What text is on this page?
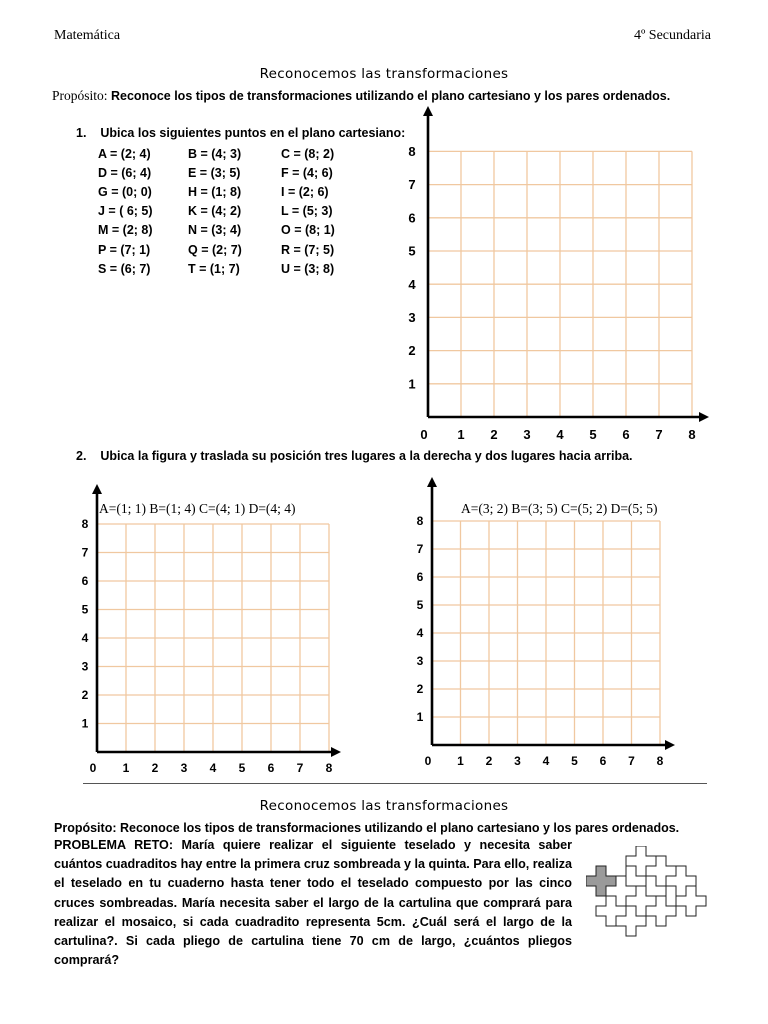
Matemática	4º Secundaria
Reconocemos las transformaciones
Propósito: Reconoce los tipos de transformaciones utilizando el plano cartesiano y los pares ordenados.
1. Ubica los siguientes puntos en el plano cartesiano:
A = (2; 4)	B = (4; 3)	C = (8; 2)
D = (6; 4)	E = (3; 5)	F = (4; 6)
G = (0; 0)	H = (1; 8)	I = (2; 6)
J = ( 6; 5)	K = (4; 2)	L = (5; 3)
M = (2; 8)	N = (3; 4)	O = (8; 1)
P = (7; 1)	Q = (2; 7)	R = (7; 5)
S = (6; 7)	T = (1; 7)	U = (3; 8)
0 1 2 3 4 5 6 7 8
1
2
3
4
5
6
7
8
0 1 2 3 4 5 6 7 8
1
2
3
4
5
6
7
8
0 1 2 3 4 5 6 7 8
1
2
3
4
5
6
7
8
2. Ubica la figura y traslada su posición tres lugares a la derecha y dos lugares hacia arriba.
A=(1; 1) B=(1; 4) C=(4; 1) D=(4; 4)	A=(3; 2) B=(3; 5) C=(5; 2) D=(5; 5)
Reconocemos las transformaciones
Propósito: Reconoce los tipos de transformaciones utilizando el plano cartesiano y los pares ordenados.
PROBLEMA RETO: María quiere realizar el siguiente teselado y necesita saber cuántos cuadraditos hay entre la primera cruz sombreada y la quinta. Para ello, realiza el teselado en tu cuaderno hasta tener todo el teselado compuesto por las cinco cruces sombreadas. María necesita saber el largo de la cartulina que comprará para realizar el mosaico, si cada cuadradito representa 5cm. ¿Cuál será el largo de la cartulina?. Si cada pliego de cartulina tiene 70 cm de largo, ¿cuántos pliegos comprará?
